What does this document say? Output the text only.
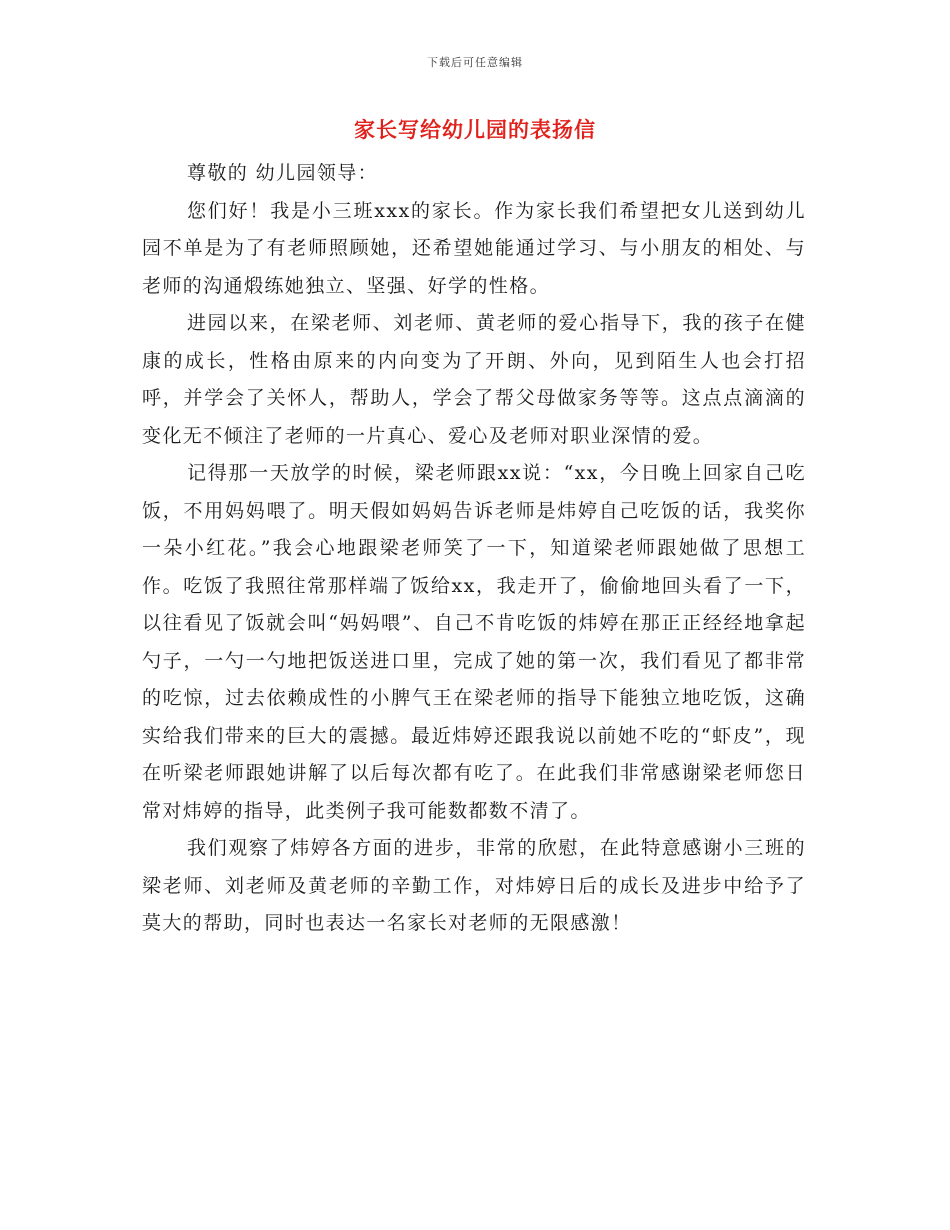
下载后可任意编辑
家长写给幼儿园的表扬信

尊敬的 幼儿园领导：

您们好！我是小三班xxx的家长。作为家长我们希望把女儿送到幼儿园不单是为了有老师照顾她，还希望她能通过学习、与小朋友的相处、与老师的沟通煅练她独立、坚强、好学的性格。

进园以来，在梁老师、刘老师、黄老师的爱心指导下，我的孩子在健康的成长，性格由原来的内向变为了开朗、外向，见到陌生人也会打招呼，并学会了关怀人，帮助人，学会了帮父母做家务等等。这点点滴滴的变化无不倾注了老师的一片真心、爱心及老师对职业深情的爱。

记得那一天放学的时候，梁老师跟xx说：“xx，今日晚上回家自己吃饭，不用妈妈喂了。明天假如妈妈告诉老师是炜婷自己吃饭的话，我奖你一朵小红花。”我会心地跟梁老师笑了一下，知道梁老师跟她做了思想工作。吃饭了我照往常那样端了饭给xx，我走开了，偷偷地回头看了一下，以往看见了饭就会叫“妈妈喂”、自己不肯吃饭的炜婷在那正正经经地拿起勺子，一勺一勺地把饭送进口里，完成了她的第一次，我们看见了都非常的吃惊，过去依赖成性的小脾气王在梁老师的指导下能独立地吃饭，这确实给我们带来的巨大的震撼。最近炜婷还跟我说以前她不吃的“虾皮”，现在听梁老师跟她讲解了以后每次都有吃了。在此我们非常感谢梁老师您日常对炜婷的指导，此类例子我可能数都数不清了。

我们观察了炜婷各方面的进步，非常的欣慰，在此特意感谢小三班的梁老师、刘老师及黄老师的辛勤工作，对炜婷日后的成长及进步中给予了莫大的帮助，同时也表达一名家长对老师的无限感激！
